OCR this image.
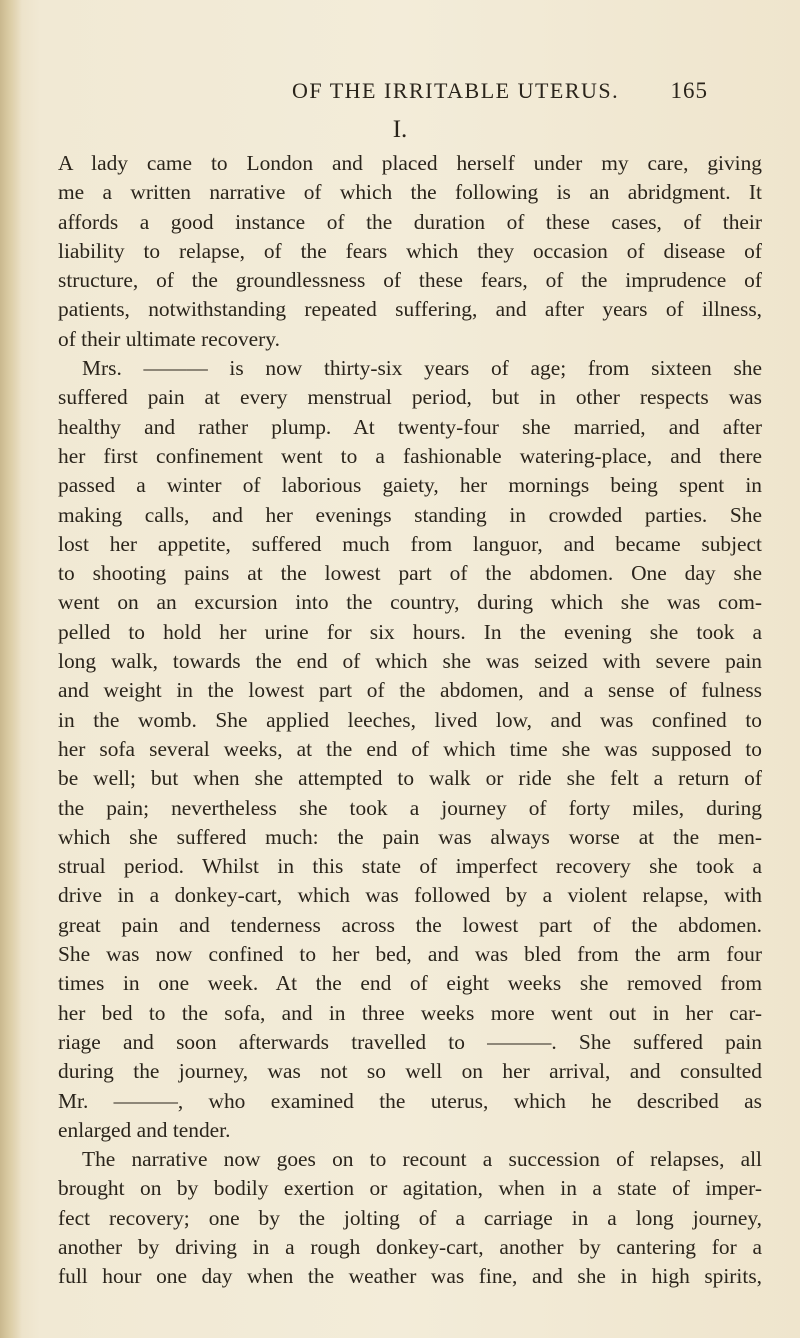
OF THE IRRITABLE UTERUS. 165
I.

A lady came to London and placed herself under my care, giving
me a written narrative of which the following is an abridgment. It
affords a good instance of the duration of these cases, of their
liability to relapse, of the fears which they occasion of disease of
structure, of the groundlessness of these fears, of the imprudence of
patients, notwithstanding repeated suffering, and after years of illness,
of their ultimate recovery.

Mrs. ——— is now thirty-six years of age; from sixteen she
suffered pain at every menstrual period, but in other respects was
healthy and rather plump. At twenty-four she married, and after
her first confinement went to a fashionable watering-place, and there
passed a winter of laborious gaiety, her mornings being spent in
making calls, and her evenings standing in crowded parties. She
lost her appetite, suffered much from languor, and became subject
to shooting pains at the lowest part of the abdomen. One day she
went on an excursion into the country, during which she was com-
pelled to hold her urine for six hours. In the evening she took a
long walk, towards the end of which she was seized with severe pain
and weight in the lowest part of the abdomen, and a sense of fulness
in the womb. She applied leeches, lived low, and was confined to
her sofa several weeks, at the end of which time she was supposed to
be well; but when she attempted to walk or ride she felt a return of
the pain; nevertheless she took a journey of forty miles, during
which she suffered much: the pain was always worse at the men-
strual period. Whilst in this state of imperfect recovery she took a
drive in a donkey-cart, which was followed by a violent relapse, with
great pain and tenderness across the lowest part of the abdomen.
She was now confined to her bed, and was bled from the arm four
times in one week. At the end of eight weeks she removed from
her bed to the sofa, and in three weeks more went out in her car-
riage and soon afterwards travelled to ———. She suffered pain
during the journey, was not so well on her arrival, and consulted
Mr. ———, who examined the uterus, which he described as
enlarged and tender.

The narrative now goes on to recount a succession of relapses, all
brought on by bodily exertion or agitation, when in a state of imper-
fect recovery; one by the jolting of a carriage in a long journey,
another by driving in a rough donkey-cart, another by cantering for a
full hour one day when the weather was fine, and she in high spirits,
